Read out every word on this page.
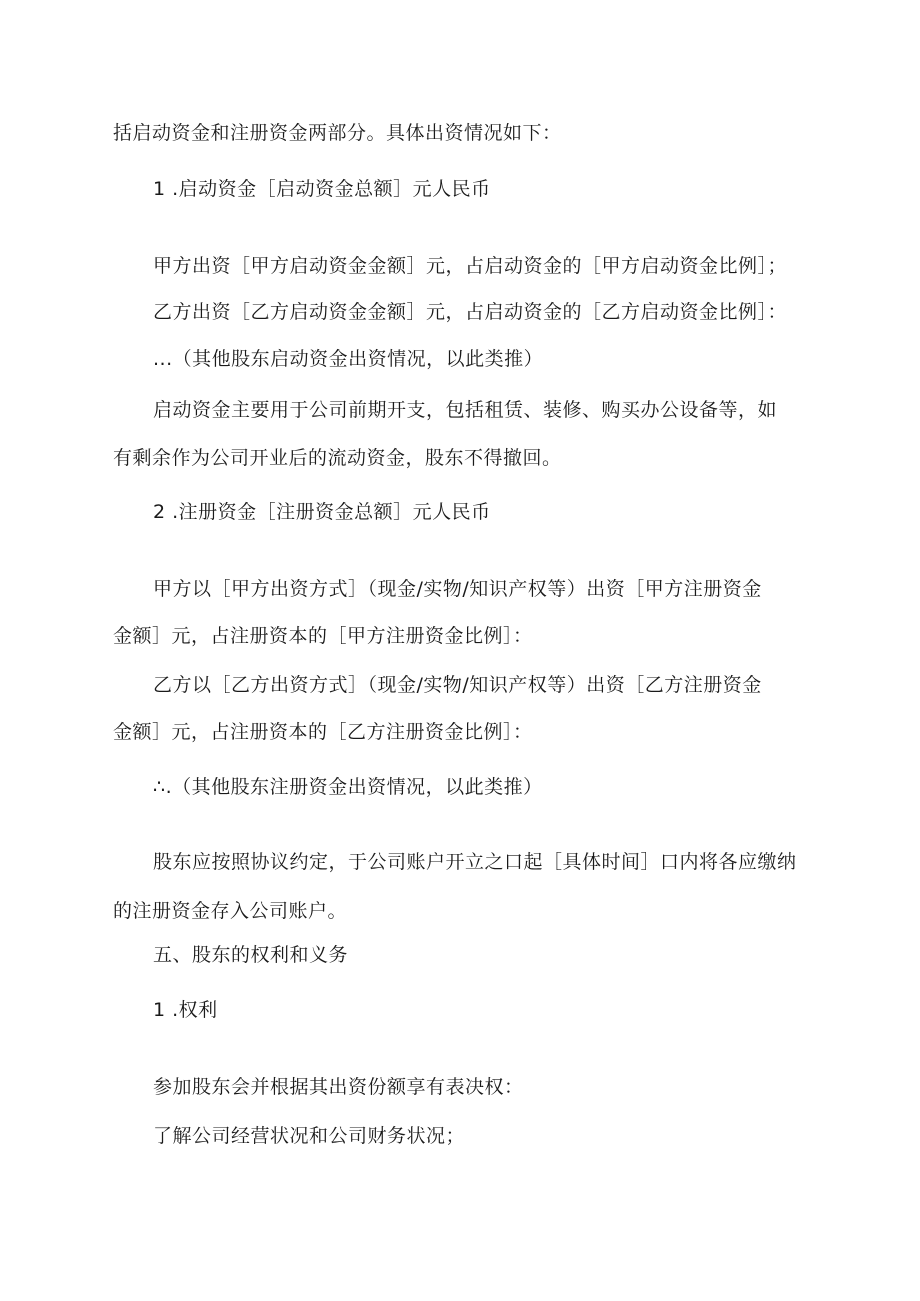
括启动资金和注册资金两部分。具体出资情况如下：
1 .启动资金［启动资金总额］元人民币
甲方出资［甲方启动资金金额］元，占启动资金的［甲方启动资金比例］；
乙方出资［乙方启动资金金额］元，占启动资金的［乙方启动资金比例］：
...（其他股东启动资金出资情况，以此类推）
启动资金主要用于公司前期开支，包括租赁、装修、购买办公设备等，如
有剩余作为公司开业后的流动资金，股东不得撤回。
2 .注册资金［注册资金总额］元人民币
甲方以［甲方出资方式］（现金/实物/知识产权等）出资［甲方注册资金
金额］元，占注册资本的［甲方注册资金比例］：
乙方以［乙方出资方式］（现金/实物/知识产权等）出资［乙方注册资金
金额］元，占注册资本的［乙方注册资金比例］：
∴.（其他股东注册资金出资情况，以此类推）
股东应按照协议约定，于公司账户开立之口起［具体时间］口内将各应缴纳
的注册资金存入公司账户。
五、股东的权利和义务
1 .权利
参加股东会并根据其出资份额享有表决权：
了解公司经营状况和公司财务状况；
